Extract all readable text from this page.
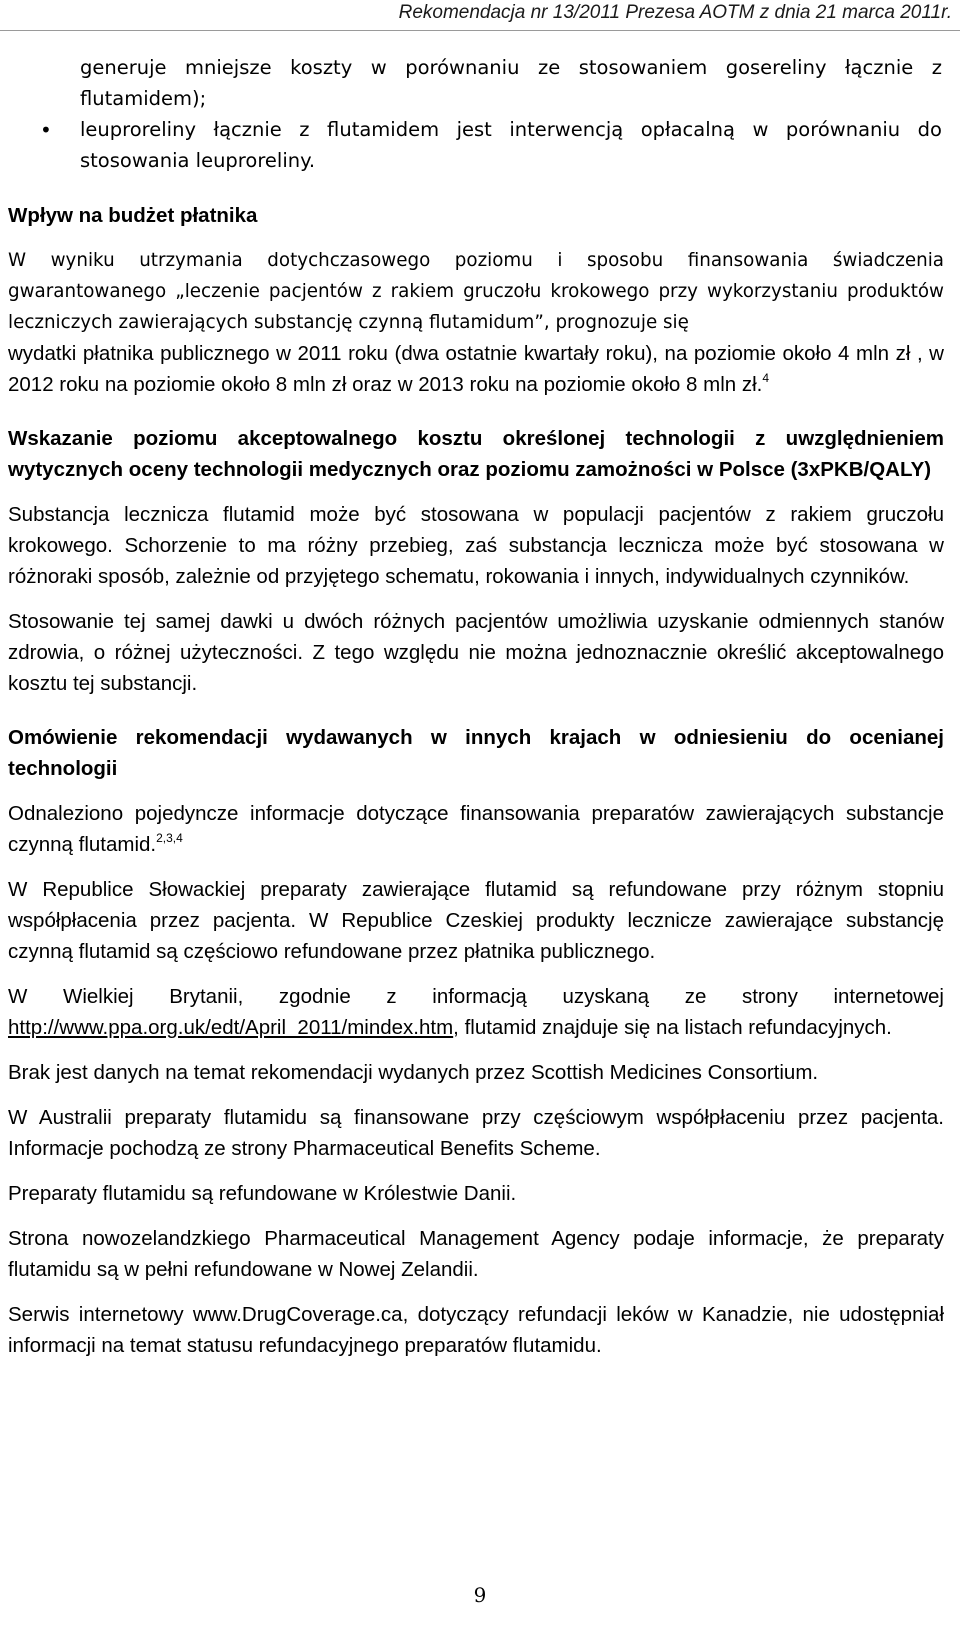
Rekomendacja nr 13/2011 Prezesa AOTM z dnia 21 marca 2011r.
•
generuje mniejsze koszty w porównaniu ze stosowaniem gosereliny łącznie z flutamidem);
leuproreliny łącznie z flutamidem jest interwencją opłacalną w porównaniu do stosowania leuproreliny.

Wpływ na budżet płatnika

W wyniku utrzymania dotychczasowego poziomu i sposobu finansowania świadczenia gwarantowanego „leczenie pacjentów z rakiem gruczołu krokowego przy wykorzystaniu produktów leczniczych zawierających substancję czynną flutamidum”, prognozuje się

wydatki płatnika publicznego w 2011 roku (dwa ostatnie kwartały roku), na poziomie około 4 mln zł , w 2012 roku na poziomie około 8 mln zł oraz w 2013 roku na poziomie około 8 mln zł.$^4$

Wskazanie poziomu akceptowalnego kosztu określonej technologii z uwzględnieniem wytycznych oceny technologii medycznych oraz poziomu zamożności w Polsce (3xPKB/QALY)

Substancja lecznicza flutamid może być stosowana w populacji pacjentów z rakiem gruczołu krokowego. Schorzenie to ma różny przebieg, zaś substancja lecznicza może być stosowana w różnoraki sposób, zależnie od przyjętego schematu, rokowania i innych, indywidualnych czynników.

Stosowanie tej samej dawki u dwóch różnych pacjentów umożliwia uzyskanie odmiennych stanów zdrowia, o różnej użyteczności. Z tego względu nie można jednoznacznie określić akceptowalnego kosztu tej substancji.

Omówienie rekomendacji wydawanych w innych krajach w odniesieniu do ocenianej technologii

Odnaleziono pojedyncze informacje dotyczące finansowania preparatów zawierających substancje czynną flutamid.$^{2,3,4}$

W Republice Słowackiej preparaty zawierające flutamid są refundowane przy różnym stopniu współpłacenia przez pacjenta. W Republice Czeskiej produkty lecznicze zawierające substancję czynną flutamid są częściowo refundowane przez płatnika publicznego.

W Wielkiej Brytanii, zgodnie z informacją uzyskaną ze strony internetowej http://www.ppa.org.uk/edt/April_2011/mindex.htm, flutamid znajduje się na listach refundacyjnych.

Brak jest danych na temat rekomendacji wydanych przez Scottish Medicines Consortium.

W Australii preparaty flutamidu są finansowane przy częściowym współpłaceniu przez pacjenta. Informacje pochodzą ze strony Pharmaceutical Benefits Scheme.

Preparaty flutamidu są refundowane w Królestwie Danii.

Strona nowozelandzkiego Pharmaceutical Management Agency podaje informacje, że preparaty flutamidu są w pełni refundowane w Nowej Zelandii.

Serwis internetowy www.DrugCoverage.ca, dotyczący refundacji leków w Kanadzie, nie udostępniał informacji na temat statusu refundacyjnego preparatów flutamidu.

9
